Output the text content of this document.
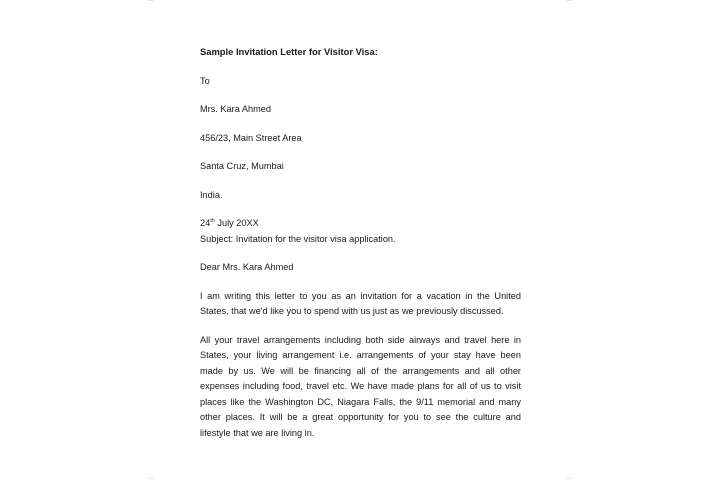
Sample Invitation Letter for Visitor Visa:

To

Mrs. Kara Ahmed

456/23, Main Street Area

Santa Cruz, Mumbai

India.

24th July 20XX

Subject: Invitation for the visitor visa application.

Dear Mrs. Kara Ahmed

I am writing this letter to you as an invitation for a vacation in the United States, that we'd like you to spend with us just as we previously discussed.

All your travel arrangements including both side airways and travel here in States, your living arrangement i.e. arrangements of your stay have been made by us. We will be financing all of the arrangements and all other expenses including food, travel etc. We have made plans for all of us to visit places like the Washington DC, Niagara Falls, the 9/11 memorial and many other places. It will be a great opportunity for you to see the culture and lifestyle that we are living in.
